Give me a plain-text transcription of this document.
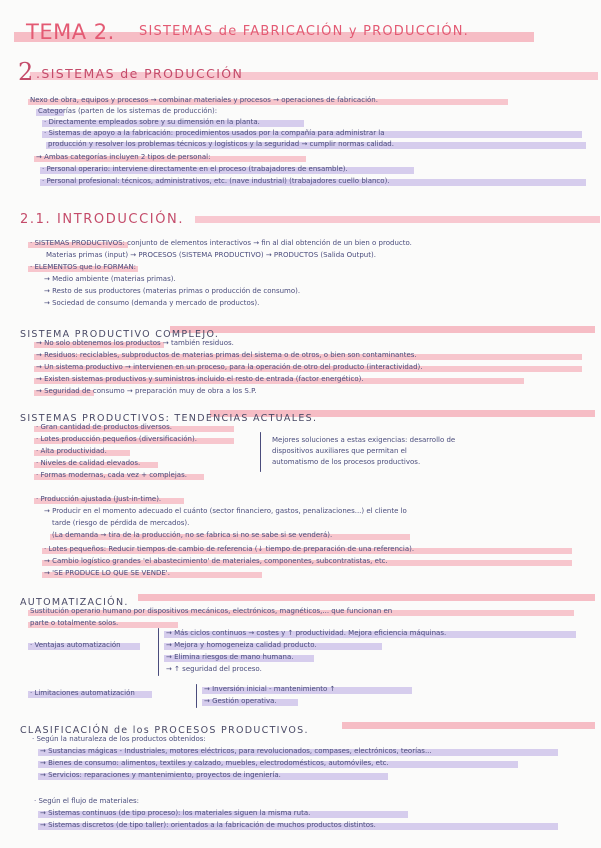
TEMA 2. SISTEMAS de FABRICACIÓN y PRODUCCIÓN.
2 .SISTEMAS de PRODUCCIÓN
Nexo de obra, equipos y procesos → combinar materiales y procesos → operaciones de fabricación.
Categorías (parten de los sistemas de producción):
· Directamente empleados sobre y su dimensión en la planta.
· Sistemas de apoyo a la fabricación: procedimientos usados por la compañía para administrar la
producción y resolver los problemas técnicos y logísticos y la seguridad → cumplir normas calidad.
→ Ambas categorías incluyen 2 tipos de personal:
· Personal operario: interviene directamente en el proceso (trabajadores de ensamble).
· Personal profesional: técnicos, administrativos, etc. (nave industrial) (trabajadores cuello blanco).
2.1. INTRODUCCIÓN.
· SISTEMAS PRODUCTIVOS: conjunto de elementos interactivos → fin al dial obtención de un bien o producto.
Materias primas (input) → PROCESOS (SISTEMA PRODUCTIVO) → PRODUCTOS (Salida Output).
· ELEMENTOS que lo FORMAN:
→ Medio ambiente (materias primas).
→ Resto de sus productores (materias primas o producción de consumo).
→ Sociedad de consumo (demanda y mercado de productos).
SISTEMA PRODUCTIVO COMPLEJO.
→ No solo obtenemos los productos → también residuos.
→ Residuos: reciclables, subproductos de materias primas del sistema o de otros, o bien son contaminantes.
→ Un sistema productivo → intervienen en un proceso, para la operación de otro del producto (interactividad).
→ Existen sistemas productivos y suministros incluido el resto de entrada (factor energético).
→ Seguridad de consumo → preparación muy de obra a los S.P.
SISTEMAS PRODUCTIVOS: TENDENCIAS ACTUALES.
· Gran cantidad de productos diversos.
· Lotes producción pequeños (diversificación).
· Alta productividad.
· Niveles de calidad elevados.
· Formas modernas, cada vez + complejas.
Mejores soluciones a estas exigencias: desarrollo de
dispositivos auxiliares que permitan el
automatismo de los procesos productivos.
· Producción ajustada (Just-in-time).
→ Producir en el momento adecuado el cuánto (sector financiero, gastos, penalizaciones...) el cliente lo
tarde (riesgo de pérdida de mercados).
(La demanda → tira de la producción, no se fabrica si no se sabe si se venderá).
· Lotes pequeños: Reducir tiempos de cambio de referencia (↓ tiempo de preparación de una referencia).
→ Cambio logístico grandes 'el abastecimiento' de materiales, componentes, subcontratistas, etc.
→ 'SE PRODUCE LO QUE SE VENDE'.
AUTOMATIZACIÓN.
Sustitución operario humano por dispositivos mecánicos, electrónicos, magnéticos,... que funcionan en
parte o totalmente solos.
· Ventajas automatización
→ Más ciclos continuos → costes y ↑ productividad. Mejora eficiencia máquinas.
→ Mejora y homogeneiza calidad producto.
→ Elimina riesgos de mano humana.
→ ↑ seguridad del proceso.
· Limitaciones automatización	→ Inversión inicial - mantenimiento ↑
→ Gestión operativa.
CLASIFICACIÓN de los PROCESOS PRODUCTIVOS.
· Según la naturaleza de los productos obtenidos:
→ Sustancias mágicas - Industriales, motores eléctricos, para revolucionados, compases, electrónicos, teorías...
→ Bienes de consumo: alimentos, textiles y calzado, muebles, electrodomésticos, automóviles, etc.
→ Servicios: reparaciones y mantenimiento, proyectos de ingeniería.
· Según el flujo de materiales:
→ Sistemas continuos (de tipo proceso): los materiales siguen la misma ruta.
→ Sistemas discretos (de tipo taller): orientados a la fabricación de muchos productos distintos.
